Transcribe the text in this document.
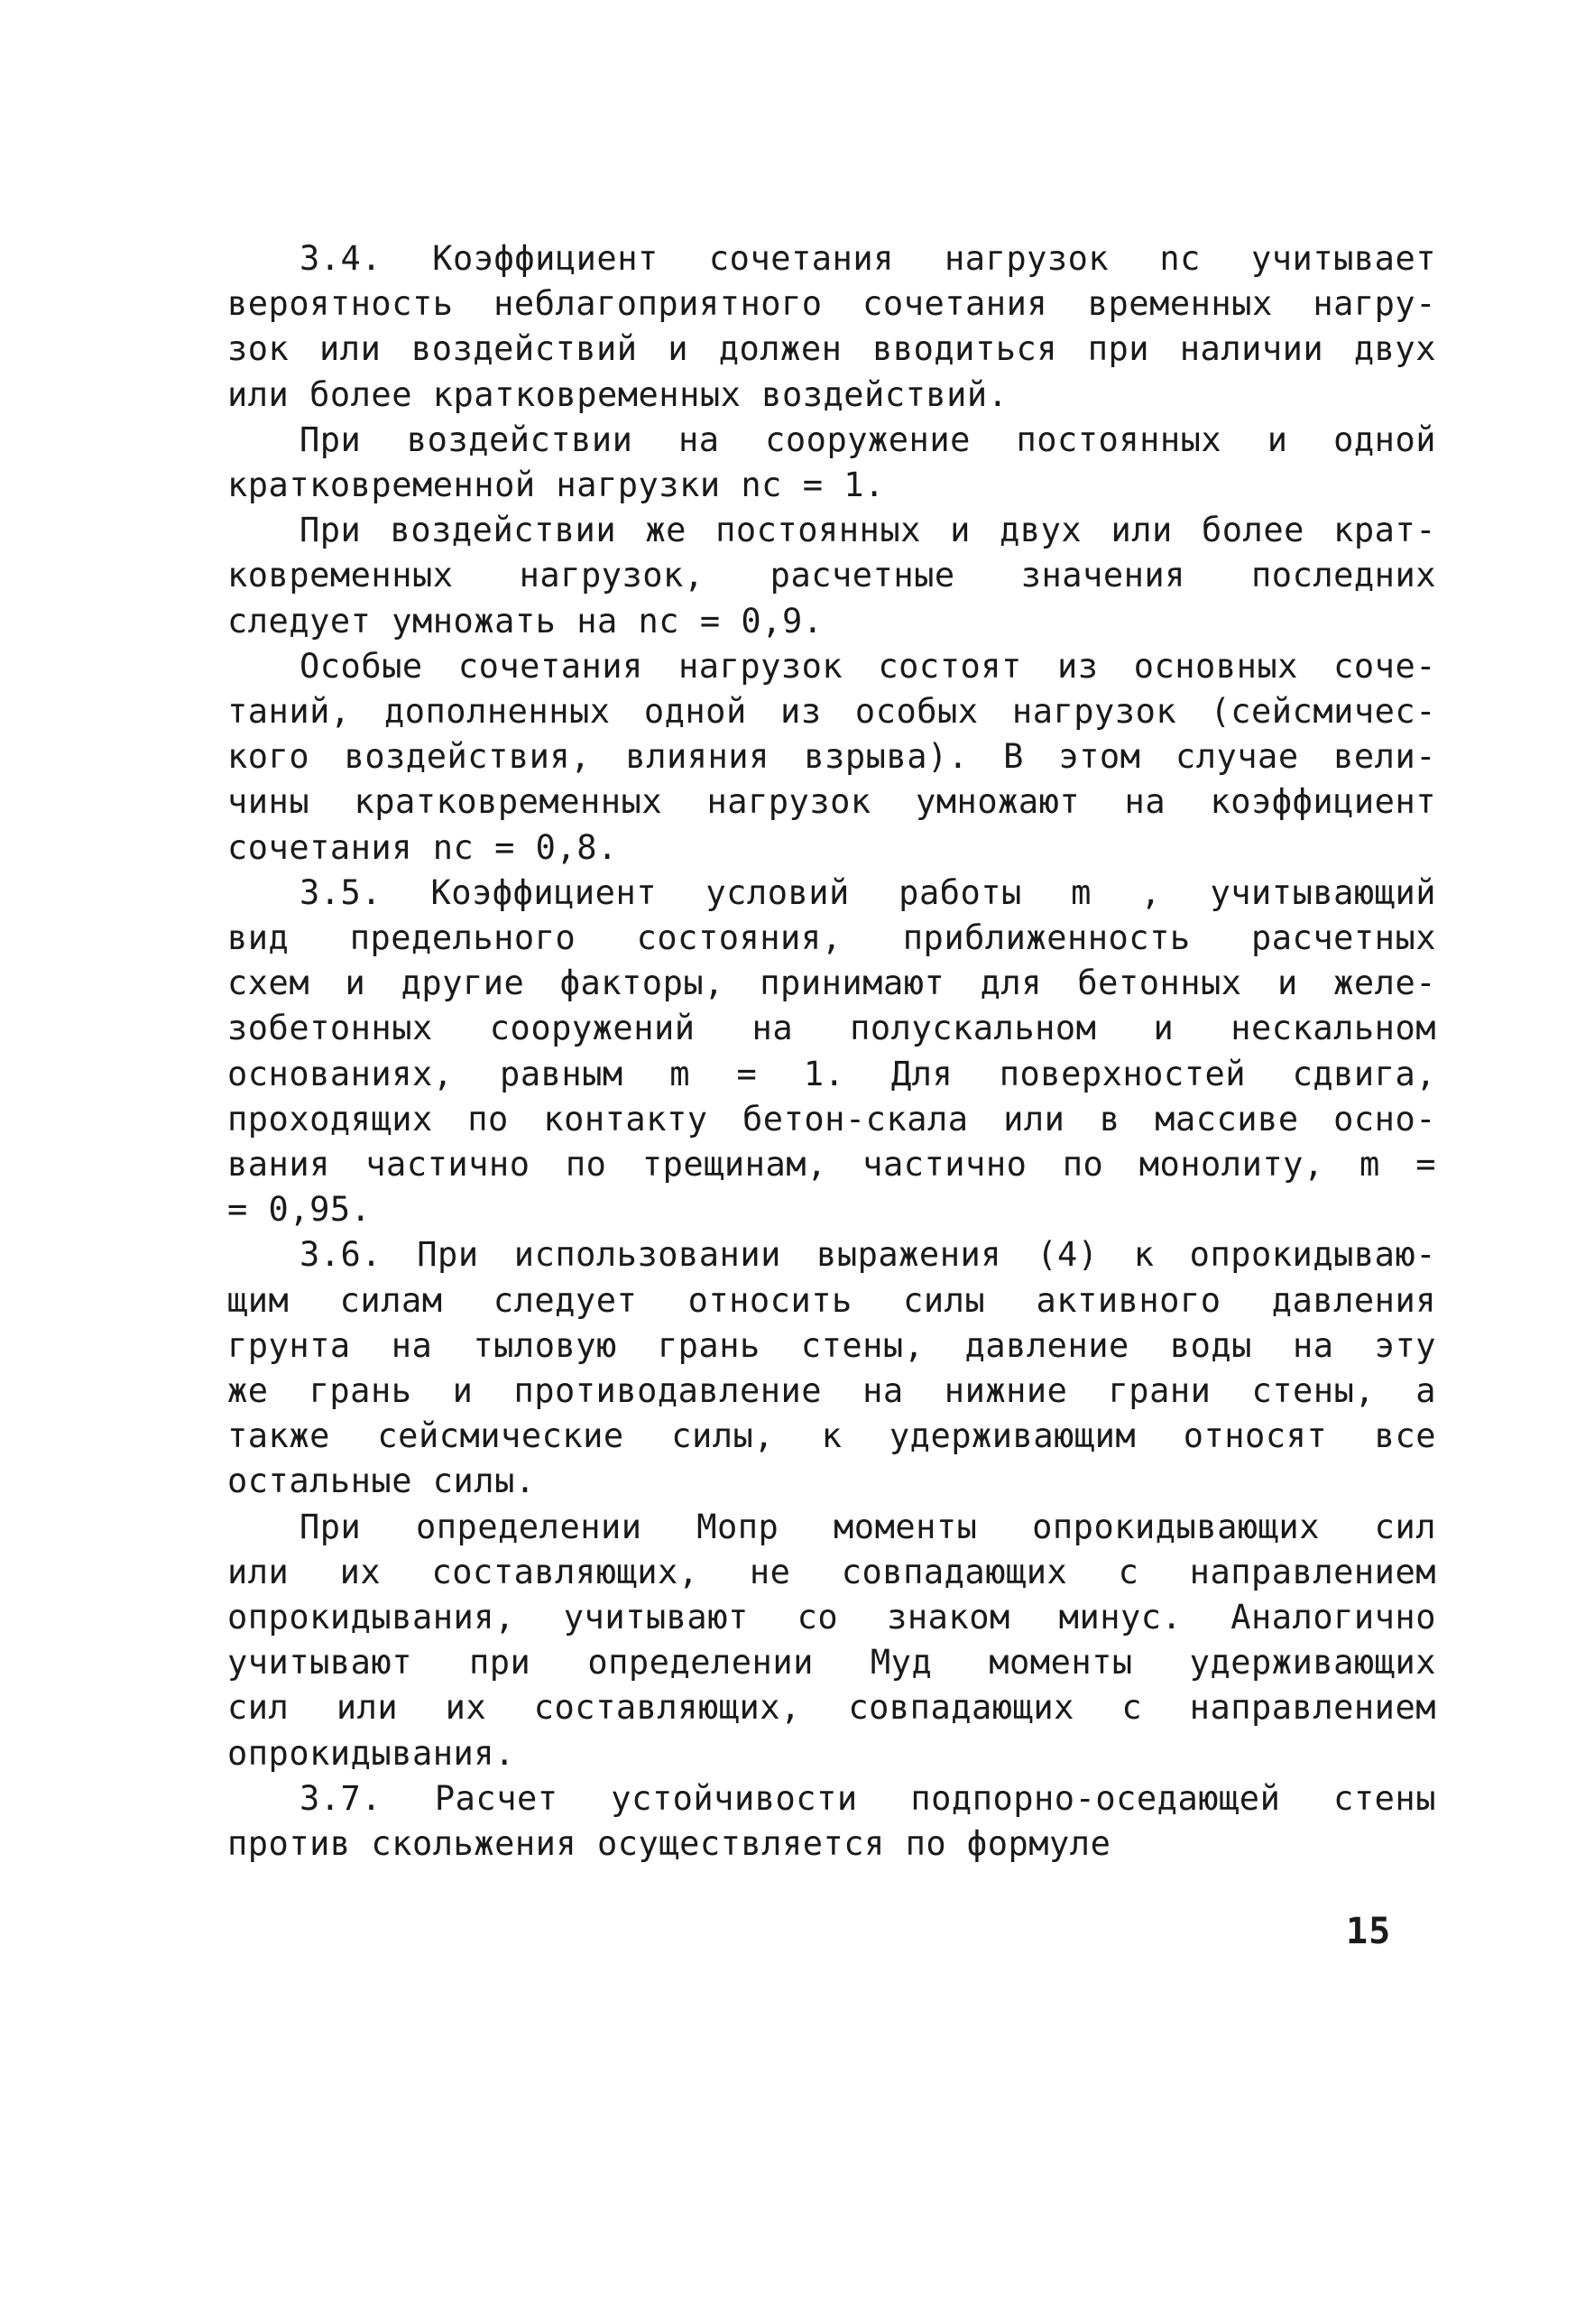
3.4. Коэффициент сочетания нагрузок nс учитывает
вероятность неблагоприятного сочетания временных нагру-
зок или воздействий и должен вводиться при наличии двух
или более кратковременных воздействий.
При воздействии на сооружение постоянных и одной
кратковременной нагрузки nс = 1.
При воздействии же постоянных и двух или более крат-
ковременных нагрузок, расчетные значения последних
следует умножать на nс = 0,9.
Особые сочетания нагрузок состоят из основных соче-
таний, дополненных одной из особых нагрузок (сейсмичес-
кого воздействия, влияния взрыва). В этом случае вели-
чины кратковременных нагрузок умножают на коэффициент
сочетания nс = 0,8.
3.5. Коэффициент условий работы m , учитывающий
вид предельного состояния, приближенность расчетных
схем и другие факторы, принимают для бетонных и желе-
зобетонных сооружений на полускальном и нескальном
основаниях, равным m = 1. Для поверхностей сдвига,
проходящих по контакту бетон-скала или в массиве осно-
вания частично по трещинам, частично по монолиту, m =
= 0,95.
3.6. При использовании выражения (4) к опрокидываю-
щим силам следует относить силы активного давления
грунта на тыловую грань стены, давление воды на эту
же грань и противодавление на нижние грани стены, а
также сейсмические силы, к удерживающим относят все
остальные силы.
При определении Mопр моменты опрокидывающих сил
или их составляющих, не совпадающих с направлением
опрокидывания, учитывают со знаком минус. Аналогично
учитывают при определении Mуд моменты удерживающих
сил или их составляющих, совпадающих с направлением
опрокидывания.
3.7. Расчет устойчивости подпорно-оседающей стены
против скольжения осуществляется по формуле
15
